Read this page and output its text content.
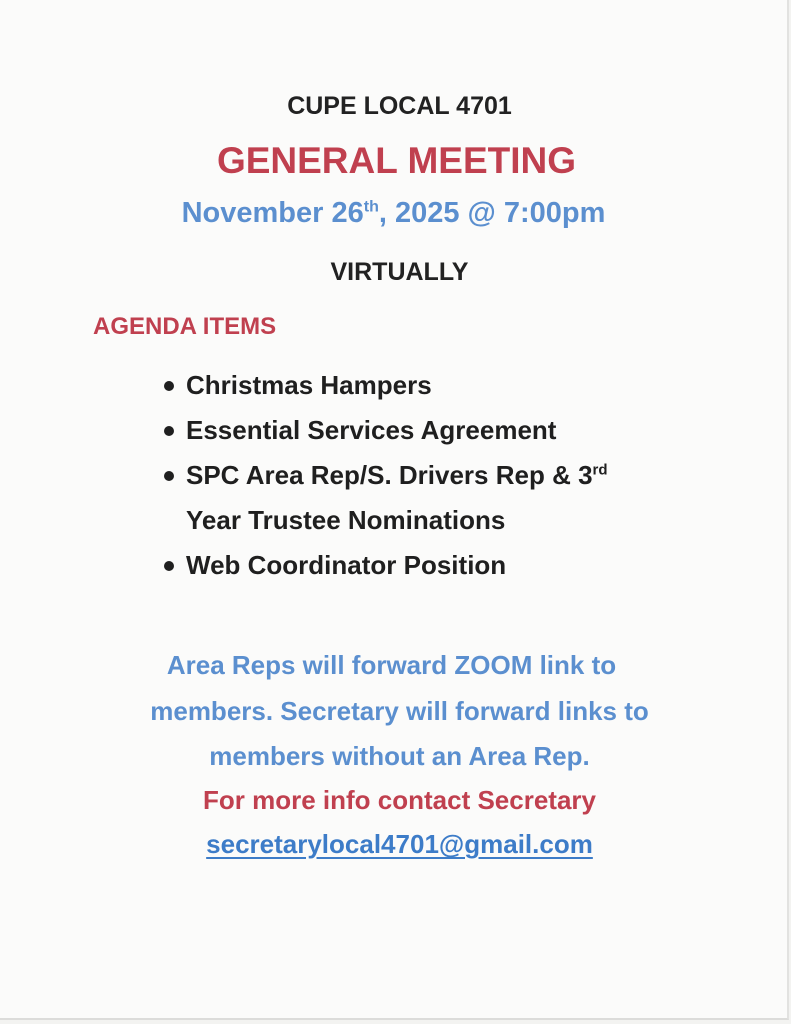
CUPE LOCAL 4701
GENERAL MEETING
November 26th, 2025 @ 7:00pm
VIRTUALLY
AGENDA ITEMS
Christmas Hampers
Essential Services Agreement
SPC Area Rep/S. Drivers Rep & 3rd
Year Trustee Nominations
Web Coordinator Position
Area Reps will forward ZOOM link to
members. Secretary will forward links to
members without an Area Rep.
For more info contact Secretary
secretarylocal4701@gmail.com
